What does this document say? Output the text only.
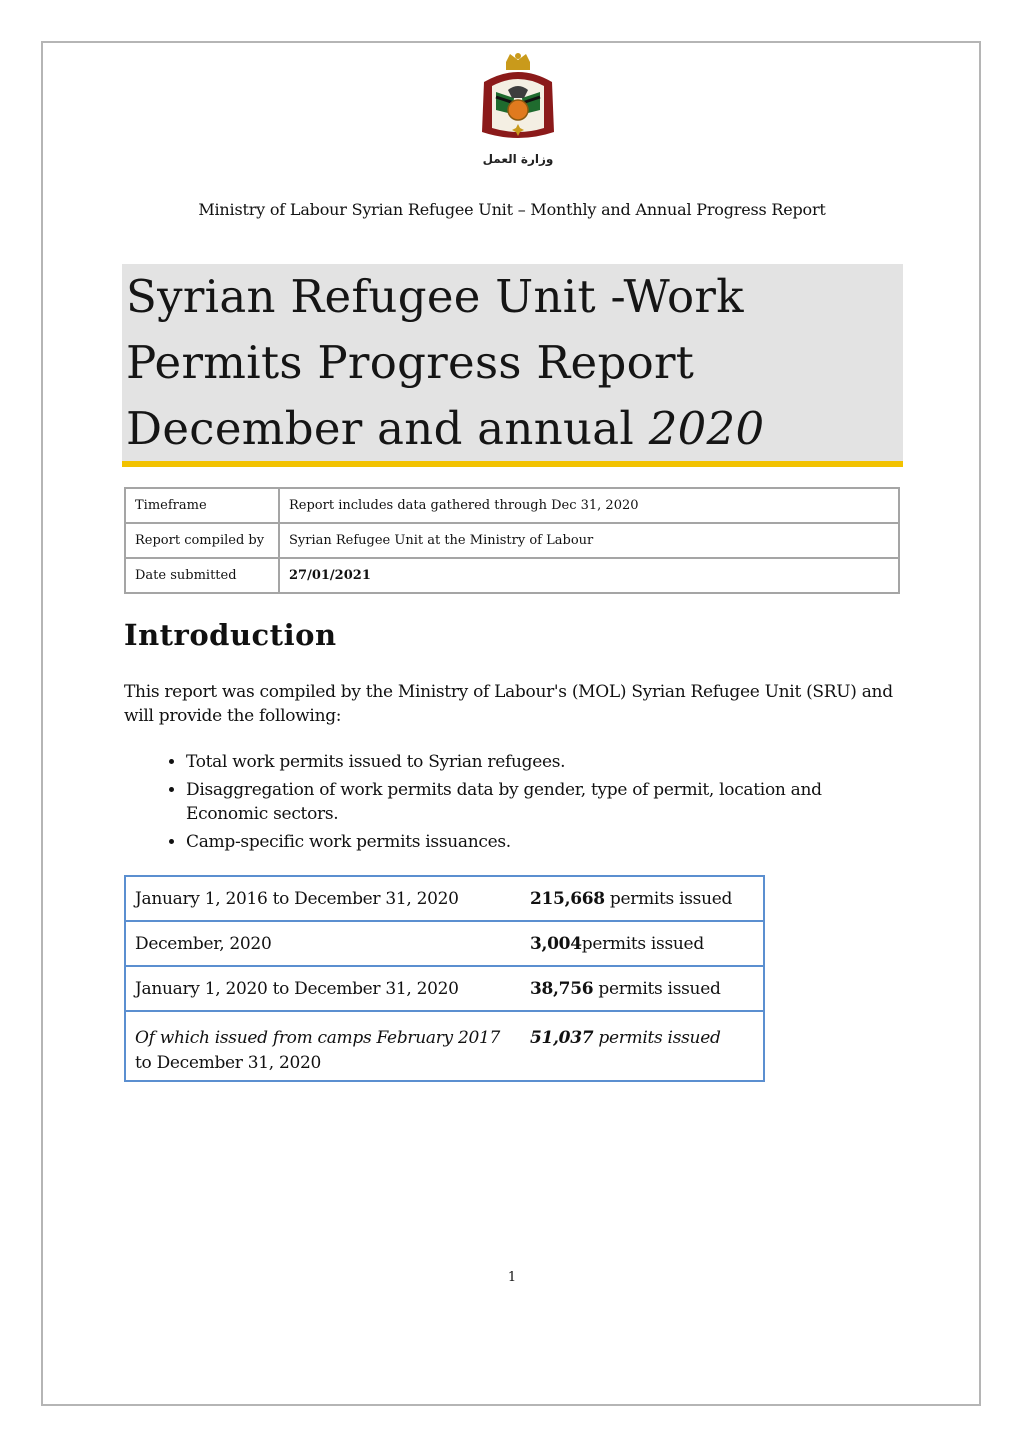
وزارة العمل
Ministry of Labour Syrian Refugee Unit – Monthly and Annual Progress Report
Syrian Refugee Unit -Work
Permits Progress Report
December and annual 2020
Timeframe	Report includes data gathered through Dec 31, 2020
Report compiled by	Syrian Refugee Unit at the Ministry of Labour
Date submitted	27/01/2021
Introduction
This report was compiled by the Ministry of Labour's (MOL) Syrian Refugee Unit (SRU) and will provide the following:
• Total work permits issued to Syrian refugees.
• Disaggregation of work permits data by gender, type of permit, location and Economic sectors.
• Camp-specific work permits issuances.
January 1, 2016 to December 31, 2020	215,668 permits issued
December, 2020	3,004permits issued
January 1, 2020 to December 31, 2020	38,756 permits issued
Of which issued from camps February 2017
to December 31, 2020	51,037 permits issued
1
